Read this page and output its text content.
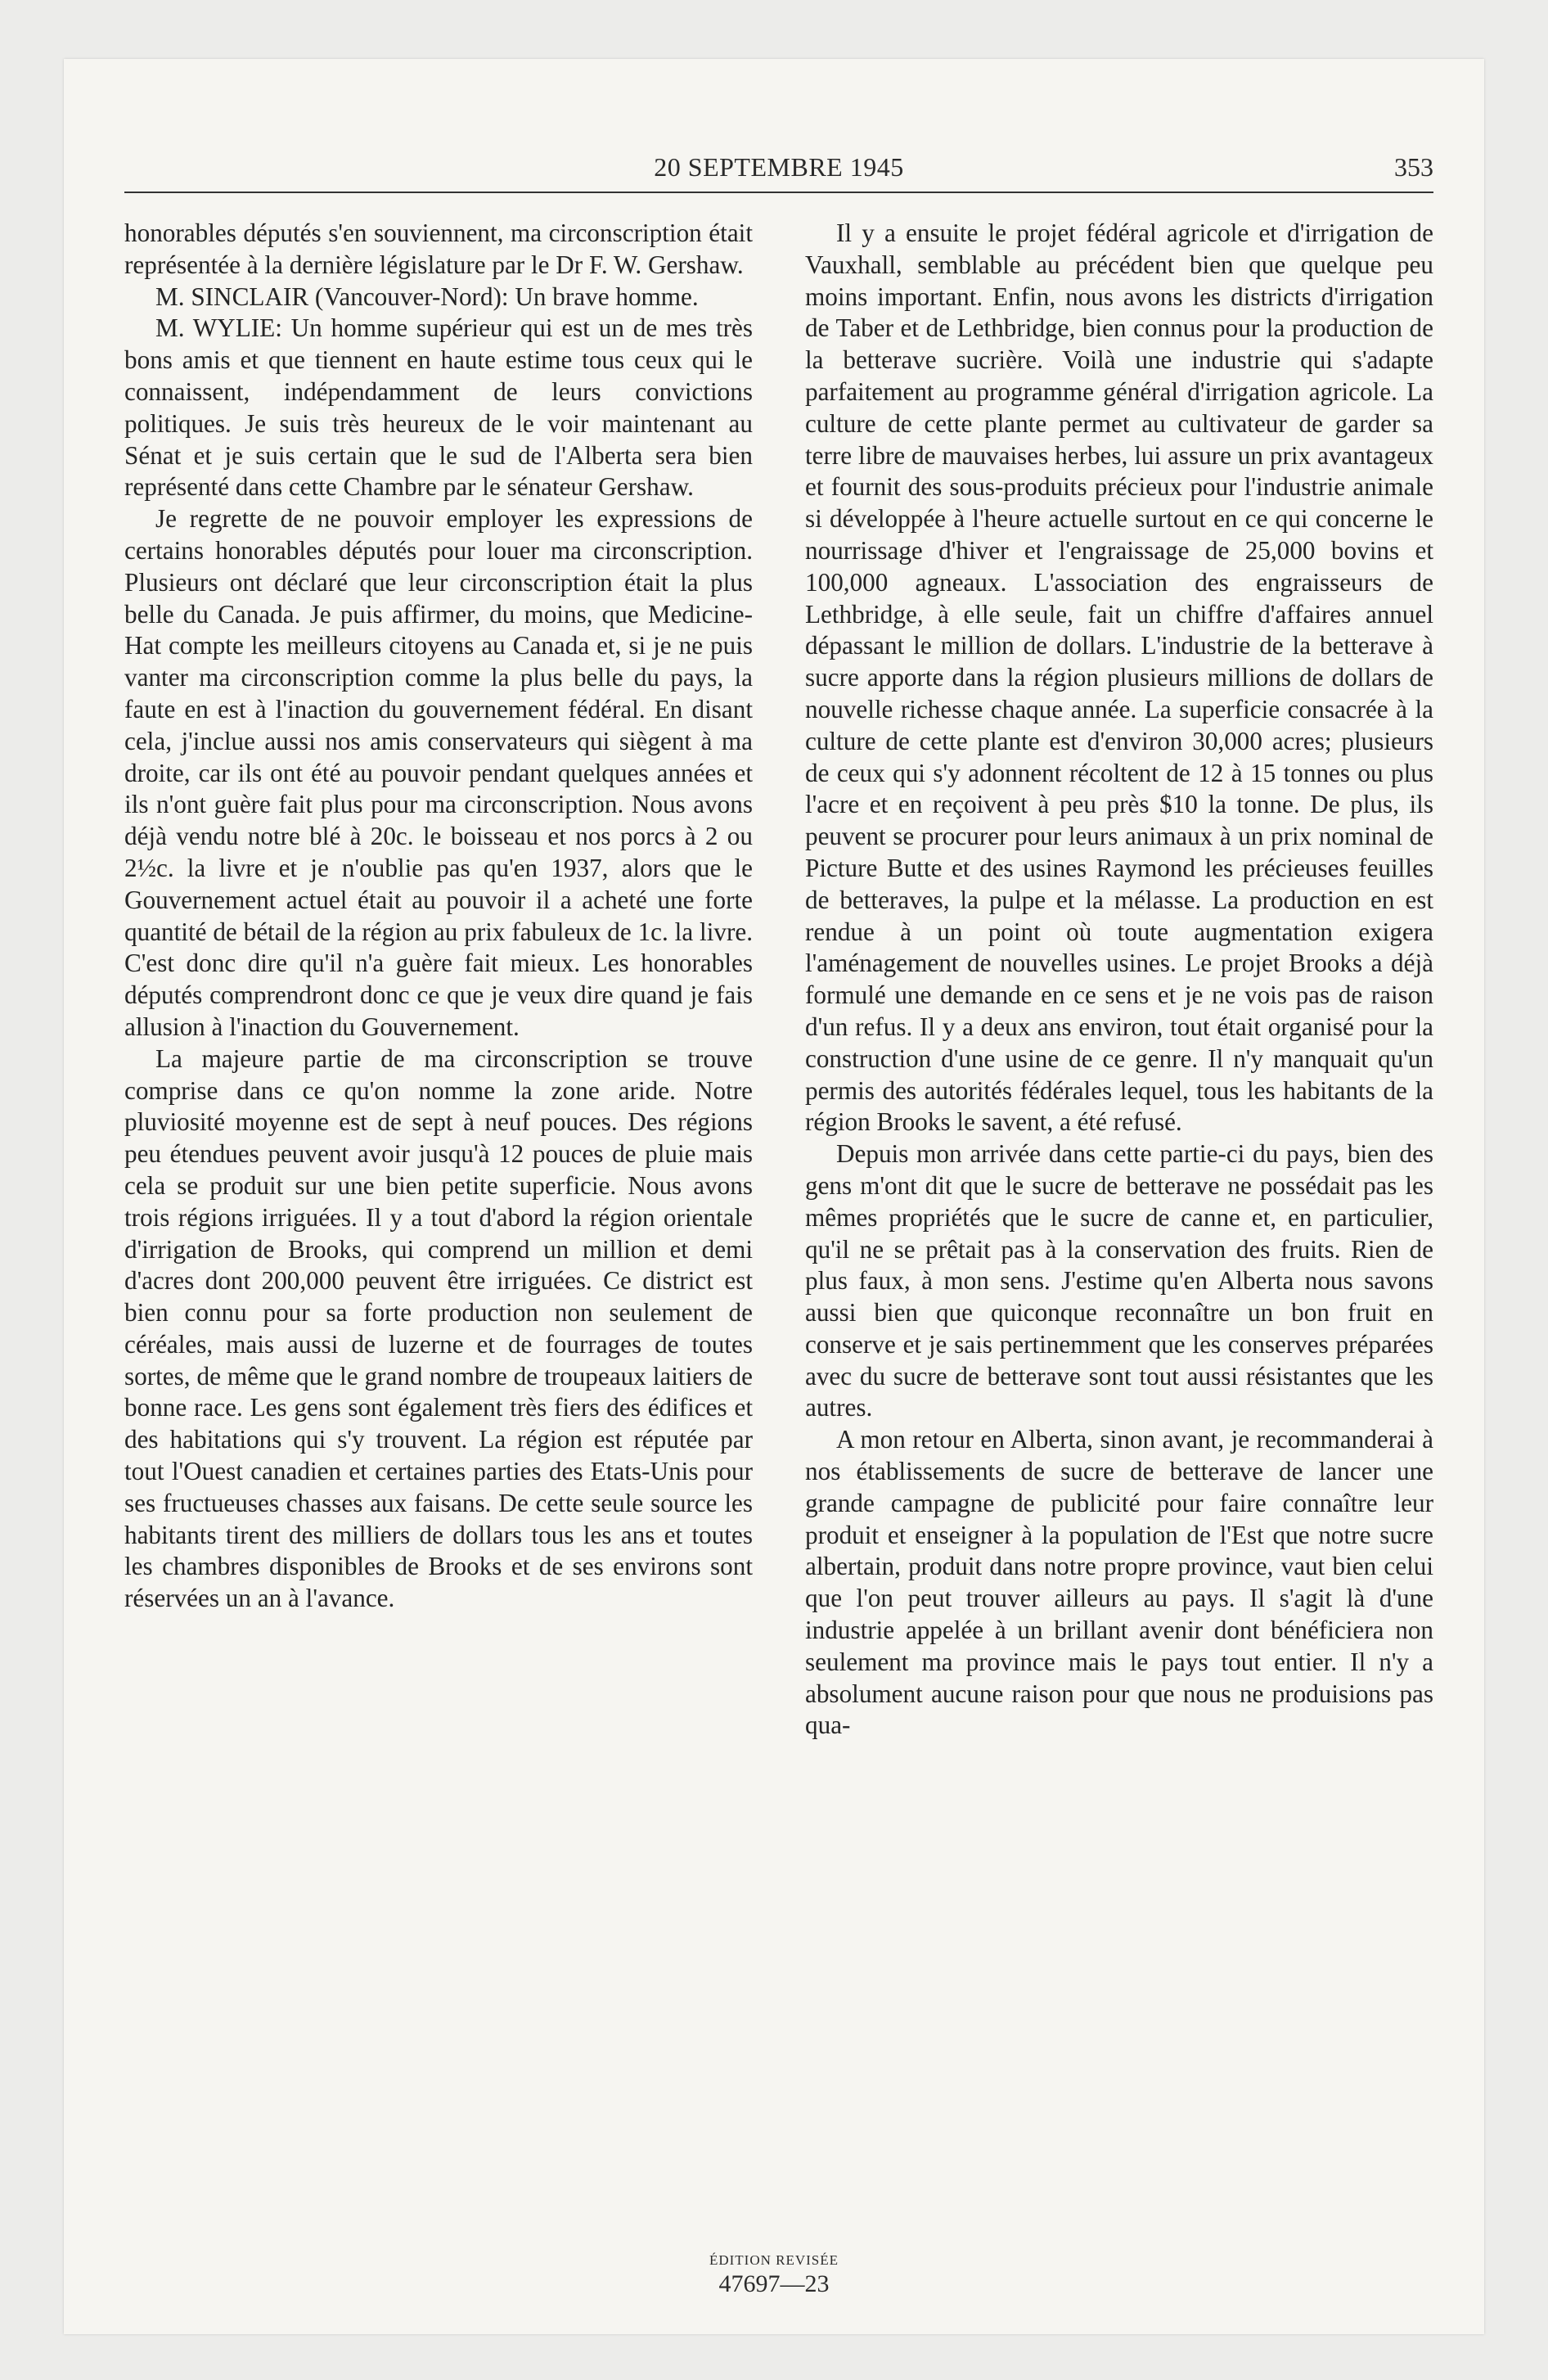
20 SEPTEMBRE 1945	353

honorables députés s'en souviennent, ma circonscription était représentée à la dernière législature par le Dr F. W. Gershaw.

M. SINCLAIR (Vancouver-Nord): Un brave homme.

M. WYLIE: Un homme supérieur qui est un de mes très bons amis et que tiennent en haute estime tous ceux qui le connaissent, indépendamment de leurs convictions politiques. Je suis très heureux de le voir maintenant au Sénat et je suis certain que le sud de l'Alberta sera bien représenté dans cette Chambre par le sénateur Gershaw.

Je regrette de ne pouvoir employer les expressions de certains honorables députés pour louer ma circonscription. Plusieurs ont déclaré que leur circonscription était la plus belle du Canada. Je puis affirmer, du moins, que Medicine-Hat compte les meilleurs citoyens au Canada et, si je ne puis vanter ma circonscription comme la plus belle du pays, la faute en est à l'inaction du gouvernement fédéral. En disant cela, j'inclue aussi nos amis conservateurs qui siègent à ma droite, car ils ont été au pouvoir pendant quelques années et ils n'ont guère fait plus pour ma circonscription. Nous avons déjà vendu notre blé à 20c. le boisseau et nos porcs à 2 ou 2½c. la livre et je n'oublie pas qu'en 1937, alors que le Gouvernement actuel était au pouvoir il a acheté une forte quantité de bétail de la région au prix fabuleux de 1c. la livre. C'est donc dire qu'il n'a guère fait mieux. Les honorables députés comprendront donc ce que je veux dire quand je fais allusion à l'inaction du Gouvernement.

La majeure partie de ma circonscription se trouve comprise dans ce qu'on nomme la zone aride. Notre pluviosité moyenne est de sept à neuf pouces. Des régions peu étendues peuvent avoir jusqu'à 12 pouces de pluie mais cela se produit sur une bien petite superficie. Nous avons trois régions irriguées. Il y a tout d'abord la région orientale d'irrigation de Brooks, qui comprend un million et demi d'acres dont 200,000 peuvent être irriguées. Ce district est bien connu pour sa forte production non seulement de céréales, mais aussi de luzerne et de fourrages de toutes sortes, de même que le grand nombre de troupeaux laitiers de bonne race. Les gens sont également très fiers des édifices et des habitations qui s'y trouvent. La région est réputée par tout l'Ouest canadien et certaines parties des Etats-Unis pour ses fructueuses chasses aux faisans. De cette seule source les habitants tirent des milliers de dollars tous les ans et toutes les chambres disponibles de Brooks et de ses environs sont réservées un an à l'avance.

Il y a ensuite le projet fédéral agricole et d'irrigation de Vauxhall, semblable au précédent bien que quelque peu moins important. Enfin, nous avons les districts d'irrigation de Taber et de Lethbridge, bien connus pour la production de la betterave sucrière. Voilà une industrie qui s'adapte parfaitement au programme général d'irrigation agricole. La culture de cette plante permet au cultivateur de garder sa terre libre de mauvaises herbes, lui assure un prix avantageux et fournit des sous-produits précieux pour l'industrie animale si développée à l'heure actuelle surtout en ce qui concerne le nourrissage d'hiver et l'engraissage de 25,000 bovins et 100,000 agneaux. L'association des engraisseurs de Lethbridge, à elle seule, fait un chiffre d'affaires annuel dépassant le million de dollars. L'industrie de la betterave à sucre apporte dans la région plusieurs millions de dollars de nouvelle richesse chaque année. La superficie consacrée à la culture de cette plante est d'environ 30,000 acres; plusieurs de ceux qui s'y adonnent récoltent de 12 à 15 tonnes ou plus l'acre et en reçoivent à peu près $10 la tonne. De plus, ils peuvent se procurer pour leurs animaux à un prix nominal de Picture Butte et des usines Raymond les précieuses feuilles de betteraves, la pulpe et la mélasse. La production en est rendue à un point où toute augmentation exigera l'aménagement de nouvelles usines. Le projet Brooks a déjà formulé une demande en ce sens et je ne vois pas de raison d'un refus. Il y a deux ans environ, tout était organisé pour la construction d'une usine de ce genre. Il n'y manquait qu'un permis des autorités fédérales lequel, tous les habitants de la région Brooks le savent, a été refusé.

Depuis mon arrivée dans cette partie-ci du pays, bien des gens m'ont dit que le sucre de betterave ne possédait pas les mêmes propriétés que le sucre de canne et, en particulier, qu'il ne se prêtait pas à la conservation des fruits. Rien de plus faux, à mon sens. J'estime qu'en Alberta nous savons aussi bien que quiconque reconnaître un bon fruit en conserve et je sais pertinemment que les conserves préparées avec du sucre de betterave sont tout aussi résistantes que les autres.

A mon retour en Alberta, sinon avant, je recommanderai à nos établissements de sucre de betterave de lancer une grande campagne de publicité pour faire connaître leur produit et enseigner à la population de l'Est que notre sucre albertain, produit dans notre propre province, vaut bien celui que l'on peut trouver ailleurs au pays. Il s'agit là d'une industrie appelée à un brillant avenir dont bénéficiera non seulement ma province mais le pays tout entier. Il n'y a absolument aucune raison pour que nous ne produisions pas qua-

ÉDITION REVISÉE
47697—23
